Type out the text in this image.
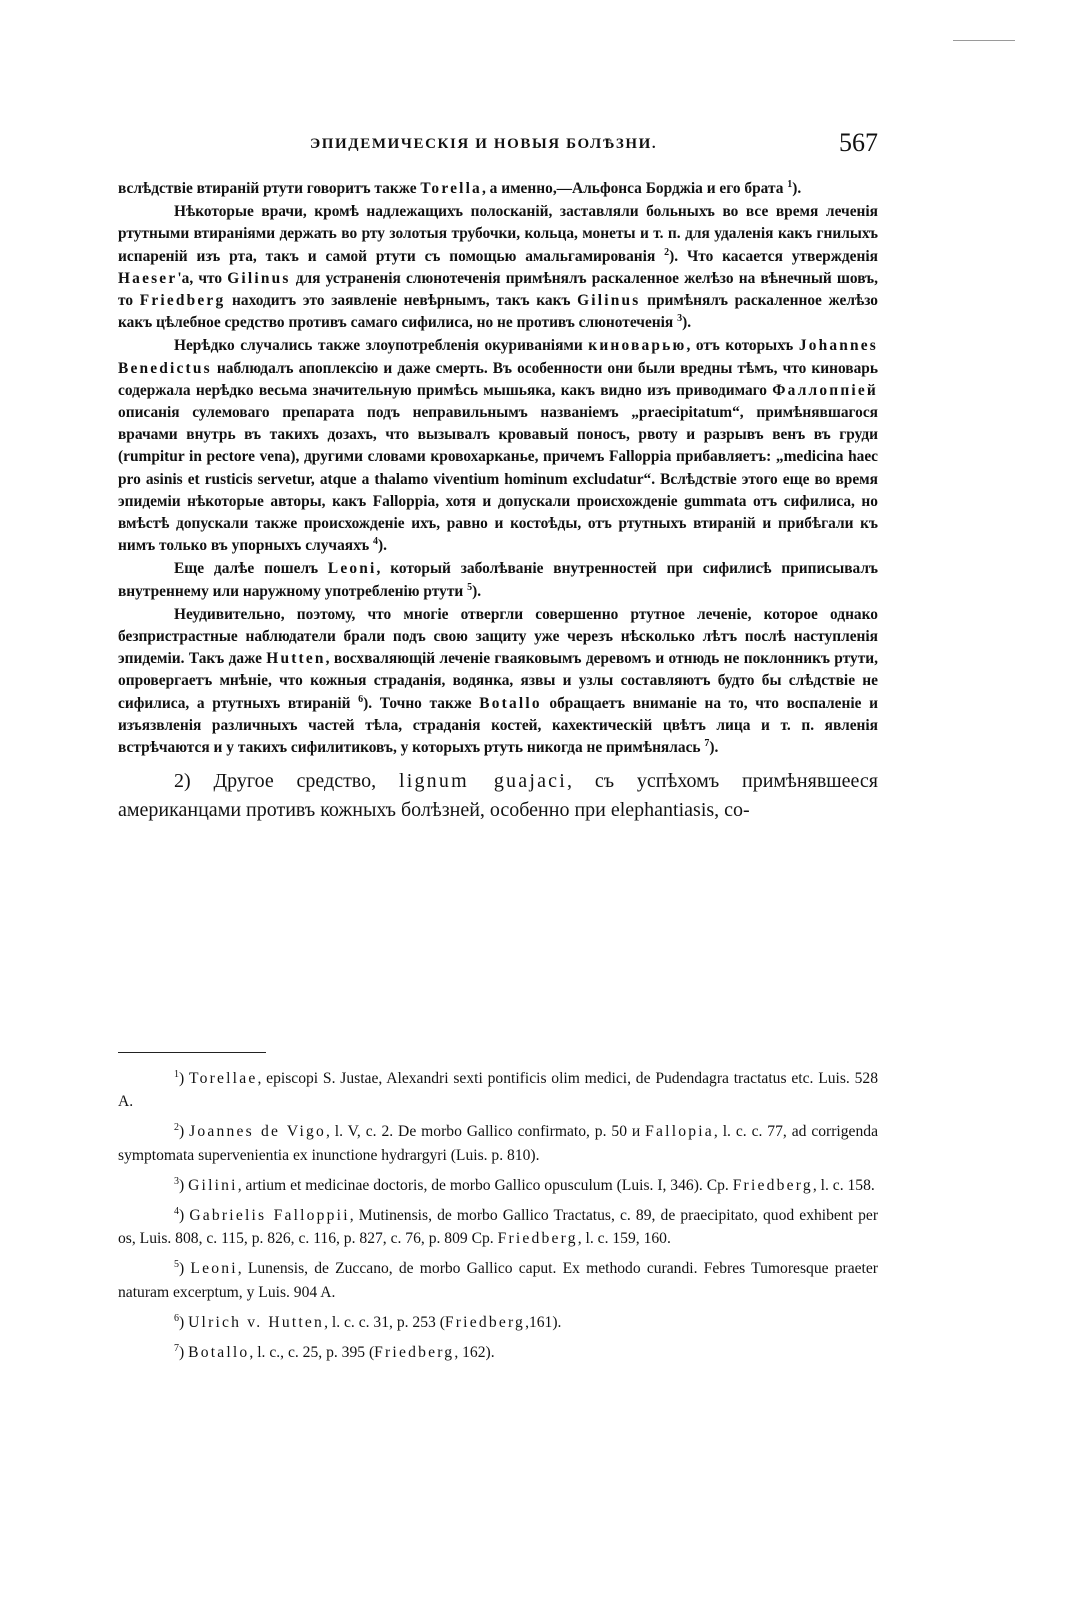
ЭПИДЕМИЧЕСКІЯ И НОВЫЯ БОЛѢЗНИ.	567

вслѣдствіе втираній ртути говоритъ также Torella, а именно,—Альфонса Борджіа и его брата $^1$).

Нѣкоторые врачи, кромѣ надлежащихъ полосканій, заставляли больныхъ во все время леченія ртутными втираніями держать во рту золотыя трубочки, кольца, монеты и т. п. для удаленія какъ гнилыхъ испареній изъ рта, такъ и самой ртути съ помощью амальгамированія $^2$). Что касается утвержденія Haeser'а, что Gilinus для устраненія слюнотеченія примѣнялъ раскаленное желѣзо на вѣнечный шовъ, то Friedberg находитъ это заявленіе невѣрнымъ, такъ какъ Gilinus примѣнялъ раскаленное желѣзо какъ цѣлебное средство противъ самаго сифилиса, но не противъ слюнотеченія $^3$).

Нерѣдко случались также злоупотребленія окуриваніями киноварью, отъ которыхъ Johannes Benedictus наблюдалъ апоплексію и даже смерть. Въ особенности они были вредны тѣмъ, что киноварь содержала нерѣдко весьма значительную примѣсь мышьяка, какъ видно изъ приводимаго Фаллоппіей описанія сулемоваго препарата подъ неправильнымъ названіемъ „praecipitatum“, примѣнявшагося врачами внутрь въ такихъ дозахъ, что вызывалъ кровавый поносъ, рвоту и разрывъ венъ въ груди (rumpitur in pectore vena), другими словами кровохарканье, причемъ Falloppia прибавляетъ: „medicina haec pro asinis et rusticis servetur, atque a thalamo viventium hominum excludatur“. Вслѣдствіе этого еще во время эпидеміи нѣкоторые авторы, какъ Falloppia, хотя и допускали происхожденіе gummata отъ сифилиса, но вмѣстѣ допускали также происхожденіе ихъ, равно и костоѣды, отъ ртутныхъ втираній и прибѣгали къ нимъ только въ упорныхъ случаяхъ $^4$).

Еще далѣе пошелъ Leoni, который заболѣваніе внутренностей при сифилисѣ приписывалъ внутреннему или наружному употребленію ртути $^5$).

Неудивительно, поэтому, что многіе отвергли совершенно ртутное леченіе, которое однако безпристрастные наблюдатели брали подъ свою защиту уже черезъ нѣсколько лѣтъ послѣ наступленія эпидеміи. Такъ даже Hutten, восхваляющій леченіе гваяковымъ деревомъ и отнюдь не поклонникъ ртути, опровергаетъ мнѣніе, что кожныя страданія, водянка, язвы и узлы составляютъ будто бы слѣдствіе не сифилиса, а ртутныхъ втираній $^6$). Точно также Botallo обращаетъ вниманіе на то, что воспаленіе и изъязвленія различныхъ частей тѣла, страданія костей, кахектическій цвѣтъ лица и т. п. явленія встрѣчаются и у такихъ сифилитиковъ, у которыхъ ртуть никогда не примѣнялась $^7$).

2) Другое средство, lignum guajaci, съ успѣхомъ примѣнявшееся американцами противъ кожныхъ болѣзней, особенно при elephantiasis, со-

$^1$) Torellae, episcopi S. Justae, Alexandri sexti pontificis olim medici, de Pudendagra tractatus etc. Luis. 528 A.

$^2$) Joannes de Vigo, l. V, c. 2. De morbo Gallico confirmato, p. 50 и Fallopia, l. c. c. 77, ad corrigenda symptomata supervenientia ex inunctione hydrargyri (Luis. p. 810).

$^3$) Gilini, artium et medicinae doctoris, de morbo Gallico opusculum (Luis. I, 346). Cp. Friedberg, l. c. 158.

$^4$) Gabrielis Falloppii, Mutinensis, de morbo Gallico Tractatus, c. 89, de praecipitato, quod exhibent per os, Luis. 808, c. 115, p. 826, c. 116, p. 827, c. 76, p. 809 Cp. Friedberg, l. c. 159, 160.

$^5$) Leoni, Lunensis, de Zuccano, de morbo Gallico caput. Ex methodo curandi. Febres Tumoresque praeter naturam excerptum, y Luis. 904 A.

$^6$) Ulrich v. Hutten, l. c. c. 31, p. 253 (Friedberg,161).

$^7$) Botallo, l. c., c. 25, p. 395 (Friedberg, 162).
